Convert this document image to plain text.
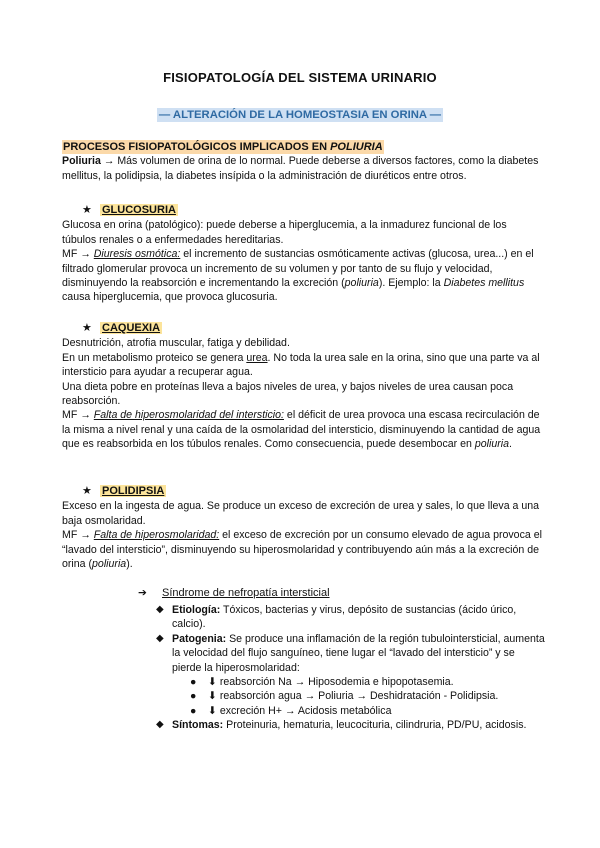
FISIOPATOLOGÍA DEL SISTEMA URINARIO
— ALTERACIÓN DE LA HOMEOSTASIA EN ORINA —
PROCESOS FISIOPATOLÓGICOS IMPLICADOS EN POLIURIA

Poliuria → Más volumen de orina de lo normal. Puede deberse a diversos factores, como la diabetes mellitus, la polidipsia, la diabetes insípida o la administración de diuréticos entre otros.

★ GLUCOSURIA

Glucosa en orina (patológico): puede deberse a hiperglucemia, a la inmadurez funcional de los túbulos renales o a enfermedades hereditarias.

MF → Diuresis osmótica: el incremento de sustancias osmóticamente activas (glucosa, urea...) en el filtrado glomerular provoca un incremento de su volumen y por tanto de su flujo y velocidad, disminuyendo la reabsorción e incrementando la excreción (poliuria). Ejemplo: la Diabetes mellitus causa hiperglucemia, que provoca glucosuria.

★ CAQUEXIA

Desnutrición, atrofia muscular, fatiga y debilidad.

En un metabolismo proteico se genera urea. No toda la urea sale en la orina, sino que una parte va al intersticio para ayudar a recuperar agua.

Una dieta pobre en proteínas lleva a bajos niveles de urea, y bajos niveles de urea causan poca reabsorción.

MF → Falta de hiperosmolaridad del intersticio: el déficit de urea provoca una escasa recirculación de la misma a nivel renal y una caída de la osmolaridad del intersticio, disminuyendo la cantidad de agua que es reabsorbida en los túbulos renales. Como consecuencia, puede desembocar en poliuria.

★ POLIDIPSIA

Exceso en la ingesta de agua. Se produce un exceso de excreción de urea y sales, lo que lleva a una baja osmolaridad.

MF → Falta de hiperosmolaridad: el exceso de excreción por un consumo elevado de agua provoca el “lavado del intersticio”, disminuyendo su hiperosmolaridad y contribuyendo aún más a la excreción de orina (poliuria).

➔ Síndrome de nefropatía intersticial
◆ Etiología: Tóxicos, bacterias y virus, depósito de sustancias (ácido úrico, calcio).
◆ Patogenia: Se produce una inflamación de la región tubulointersticial, aumenta la velocidad del flujo sanguíneo, tiene lugar el “lavado del intersticio” y se pierde la hiperosmolaridad:
● ⬇ reabsorción Na → Hiposodemia e hipopotasemia.
● ⬇ reabsorción agua → Poliuria → Deshidratación - Polidipsia.
● ⬇ excreción H+ → Acidosis metabólica
◆ Síntomas: Proteinuria, hematuria, leucocituria, cilindruria, PD/PU, acidosis.
